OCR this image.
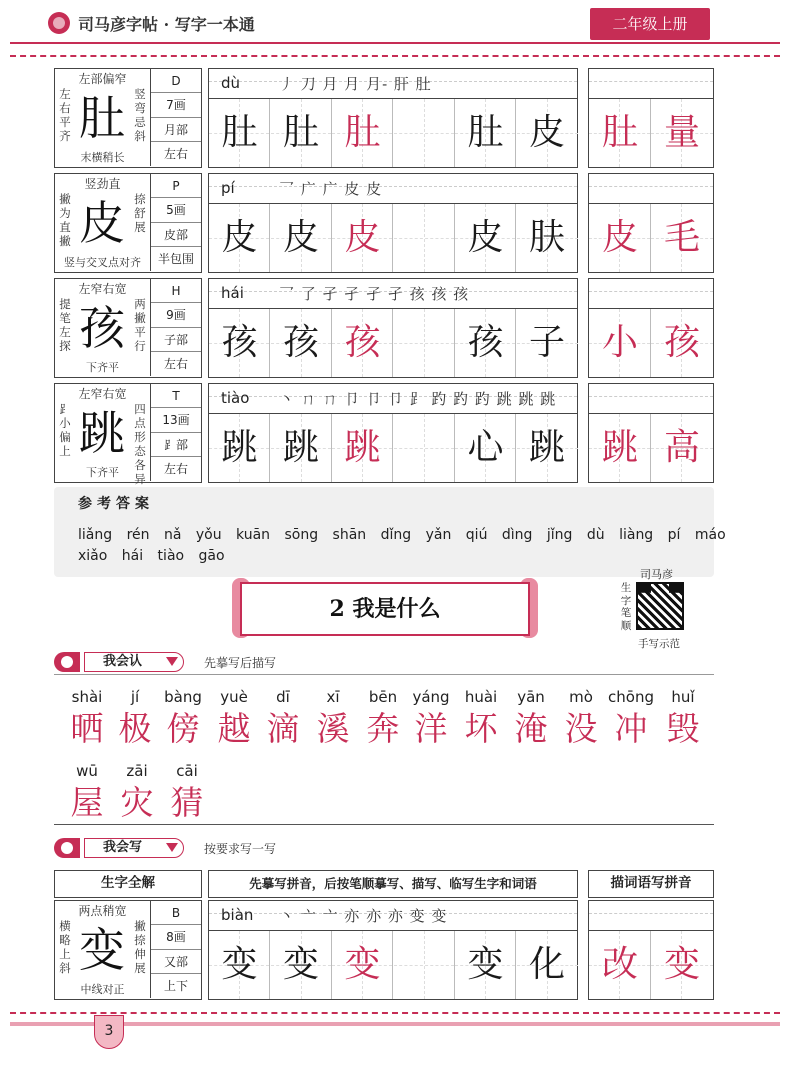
司马彦字帖 · 写字一本通	二年级上册
左部偏窄
左
右
平
齐
竖
弯
忌
斜
肚
末横稍长
D
7画
月部
左右
dù	丿 刀 月 月 月- 肝 肚
肚 肚 肚	肚 皮	肚 量
竖劲直
撇
为
直
撇
捺
舒
展
皮
竖与交叉点对齐
P
5画
皮部
半包围
pí	乛 广 广 皮 皮
皮 皮 皮	皮 肤	皮 毛
左窄右宽
提
笔
左
探
两
撇
平
行
孩
下齐平
H
9画
子部
左右
hái 乛 了 孑 孑 孑 孑 孩 孩 孩
孩 孩 孩	孩 子	小 孩
左窄右宽
⻊
小
偏
上
四
点
形
态
各
异
跳
下齐平
T
13画
⻊部
左右
tiào 丶 ㄇ ㄇ 卩 卩 卩 ⻊ 趵 趵 趵 跳 跳 跳
跳 跳 跳	心 跳	跳 高
参考答案
liǎng rén nǎ yǒu kuān sōng shān dǐng yǎn qiú dìng jǐng dù liàng pí máo
xiǎo hái tiào gāo
2 我是什么
司马彦
生
字
笔
顺
手写示范
我会认	先摹写后描写
shài
晒
jí
极
bàng
傍
yuè
越
dī
滴
xī
溪
bēn
奔
yáng
洋
huài
坏
yān
淹
mò
没
chōng
冲
huǐ
毁
wū
屋
zāi
灾
cāi
猜
我会写	按要求写一写
生字全解	先摹写拼音，后按笔顺摹写、描写、临写生字和词语	描词语写拼音
两点稍宽
横
略
上
斜
撇
捺
伸
展
变
中线对正
B
8画
又部
上下
biàn 丶 亠 亠 亦 亦 亦 变 变
变 变 变	变 化	改 变
3
